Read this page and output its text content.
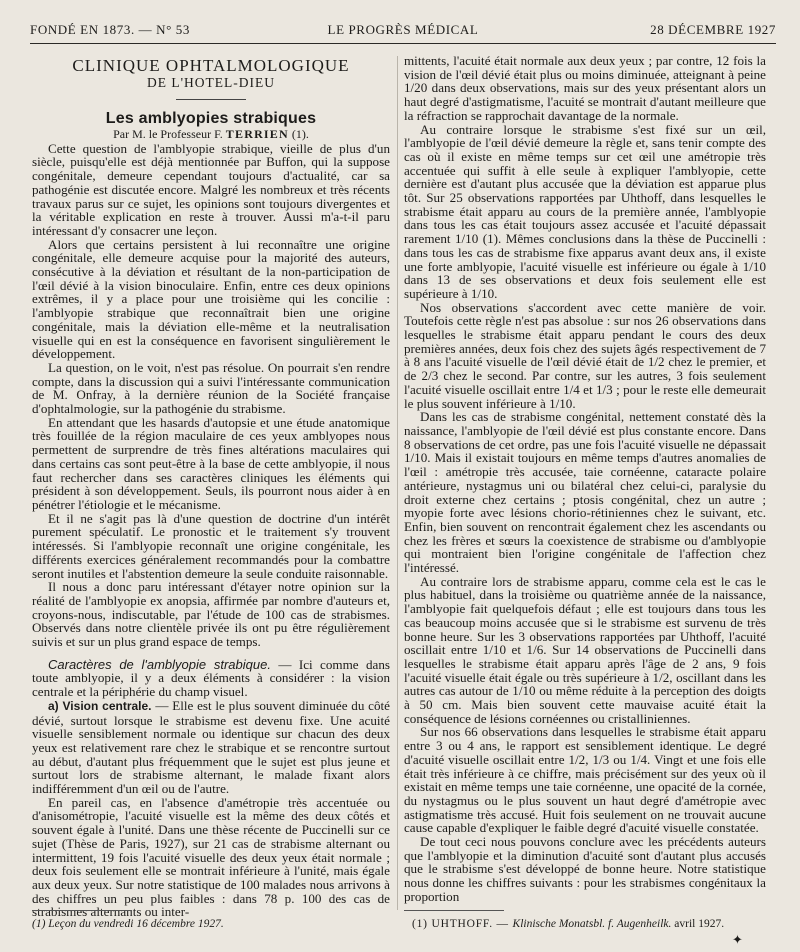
FONDÉ EN 1873. — N° 53	LE PROGRÈS MÉDICAL	28 DÉCEMBRE 1927

CLINIQUE OPHTALMOLOGIQUE

DE L'HOTEL-DIEU

Les amblyopies strabiques

Par M. le Professeur F. TERRIEN (1).

Cette question de l'amblyopie strabique, vieille de plus d'un siècle, puisqu'elle est déjà mentionnée par Buffon, qui la suppose congénitale, demeure cependant toujours d'actualité, car sa pathogénie est discutée encore. Malgré les nombreux et très récents travaux parus sur ce sujet, les opinions sont toujours divergentes et la véritable explication en reste à trouver. Aussi m'a-t-il paru intéressant d'y consacrer une leçon.

Alors que certains persistent à lui reconnaître une origine congénitale, elle demeure acquise pour la majorité des auteurs, consécutive à la déviation et résultant de la non-participation de l'œil dévié à la vision binoculaire. Enfin, entre ces deux opinions extrêmes, il y a place pour une troisième qui les concilie : l'amblyopie strabique que reconnaîtrait bien une origine congénitale, mais la déviation elle-même et la neutralisation visuelle qui en est la conséquence en favorisent singulièrement le développement.

La question, on le voit, n'est pas résolue. On pourrait s'en rendre compte, dans la discussion qui a suivi l'intéressante communication de M. Onfray, à la dernière réunion de la Société française d'ophtalmologie, sur la pathogénie du strabisme.

En attendant que les hasards d'autopsie et une étude anatomique très fouillée de la région maculaire de ces yeux amblyopes nous permettent de surprendre de très fines altérations maculaires qui dans certains cas sont peut-être à la base de cette amblyopie, il nous faut rechercher dans ses caractères cliniques les éléments qui président à son développement. Seuls, ils pourront nous aider à en pénétrer l'étiologie et le mécanisme.

Et il ne s'agit pas là d'une question de doctrine d'un intérêt purement spéculatif. Le pronostic et le traitement s'y trouvent intéressés. Si l'amblyopie reconnaît une origine congénitale, les différents exercices généralement recommandés pour la combattre seront inutiles et l'abstention demeure la seule conduite raisonnable.

Il nous a donc paru intéressant d'étayer notre opinion sur la réalité de l'amblyopie ex anopsia, affirmée par nombre d'auteurs et, croyons-nous, indiscutable, par l'étude de 100 cas de strabismes. Observés dans notre clientèle privée ils ont pu être régulièrement suivis et sur un plus grand espace de temps.

Caractères de l'amblyopie strabique. — Ici comme dans toute amblyopie, il y a deux éléments à considérer : la vision centrale et la périphérie du champ visuel.

a) Vision centrale. — Elle est le plus souvent diminuée du côté dévié, surtout lorsque le strabisme est devenu fixe. Une acuité visuelle sensiblement normale ou identique sur chacun des deux yeux est relativement rare chez le strabique et se rencontre surtout au début, d'autant plus fréquemment que le sujet est plus jeune et surtout lors de strabisme alternant, le malade fixant alors indifféremment d'un œil ou de l'autre.

En pareil cas, en l'absence d'amétropie très accentuée ou d'anisométropie, l'acuité visuelle est la même des deux côtés et souvent égale à l'unité. Dans une thèse récente de Puccinelli sur ce sujet (Thèse de Paris, 1927), sur 21 cas de strabisme alternant ou intermittent, 19 fois l'acuité visuelle des deux yeux était normale ; deux fois seulement elle se montrait inférieure à l'unité, mais égale aux deux yeux. Sur notre statistique de 100 malades nous arrivons à des chiffres un peu plus faibles : dans 78 p. 100 des cas de strabismes alternants ou inter-

mittents, l'acuité était normale aux deux yeux ; par contre, 12 fois la vision de l'œil dévié était plus ou moins diminuée, atteignant à peine 1/20 dans deux observations, mais sur des yeux présentant alors un haut degré d'astigmatisme, l'acuité se montrait d'autant meilleure que la réfraction se rapprochait davantage de la normale.

Au contraire lorsque le strabisme s'est fixé sur un œil, l'amblyopie de l'œil dévié demeure la règle et, sans tenir compte des cas où il existe en même temps sur cet œil une amétropie très accentuée qui suffit à elle seule à expliquer l'amblyopie, cette dernière est d'autant plus accusée que la déviation est apparue plus tôt. Sur 25 observations rapportées par Uhthoff, dans lesquelles le strabisme était apparu au cours de la première année, l'amblyopie dans tous les cas était toujours assez accusée et l'acuité dépassait rarement 1/10 (1). Mêmes conclusions dans la thèse de Puccinelli : dans tous les cas de strabisme fixe apparus avant deux ans, il existe une forte amblyopie, l'acuité visuelle est inférieure ou égale à 1/10 dans 13 de ses observations et deux fois seulement elle est supérieure à 1/10.

Nos observations s'accordent avec cette manière de voir. Toutefois cette règle n'est pas absolue : sur nos 26 observations dans lesquelles le strabisme était apparu pendant le cours des deux premières années, deux fois chez des sujets âgés respectivement de 7 à 8 ans l'acuité visuelle de l'œil dévié était de 1/2 chez le premier, et de 2/3 chez le second. Par contre, sur les autres, 3 fois seulement l'acuité visuelle oscillait entre 1/4 et 1/3 ; pour le reste elle demeurait le plus souvent inférieure à 1/10.

Dans les cas de strabisme congénital, nettement constaté dès la naissance, l'amblyopie de l'œil dévié est plus constante encore. Dans 8 observations de cet ordre, pas une fois l'acuité visuelle ne dépassait 1/10. Mais il existait toujours en même temps d'autres anomalies de l'œil : amétropie très accusée, taie cornéenne, cataracte polaire antérieure, nystagmus uni ou bilatéral chez celui-ci, paralysie du droit externe chez certains ; ptosis congénital, chez un autre ; myopie forte avec lésions chorio-rétiniennes chez le suivant, etc. Enfin, bien souvent on rencontrait également chez les ascendants ou chez les frères et sœurs la coexistence de strabisme ou d'amblyopie qui montraient bien l'origine congénitale de l'affection chez l'intéressé.

Au contraire lors de strabisme apparu, comme cela est le cas le plus habituel, dans la troisième ou quatrième année de la naissance, l'amblyopie fait quelquefois défaut ; elle est toujours dans tous les cas beaucoup moins accusée que si le strabisme est survenu de très bonne heure. Sur les 3 observations rapportées par Uhthoff, l'acuité oscillait entre 1/10 et 1/6. Sur 14 observations de Puccinelli dans lesquelles le strabisme était apparu après l'âge de 2 ans, 9 fois l'acuité visuelle était égale ou très supérieure à 1/2, oscillant dans les autres cas autour de 1/10 ou même réduite à la perception des doigts à 50 cm. Mais bien souvent cette mauvaise acuité était la conséquence de lésions cornéennes ou cristalliniennes.

Sur nos 66 observations dans lesquelles le strabisme était apparu entre 3 ou 4 ans, le rapport est sensiblement identique. Le degré d'acuité visuelle oscillait entre 1/2, 1/3 ou 1/4. Vingt et une fois elle était très inférieure à ce chiffre, mais précisément sur des yeux où il existait en même temps une taie cornéenne, une opacité de la cornée, du nystagmus ou le plus souvent un haut degré d'amétropie avec astigmatisme très accusé. Huit fois seulement on ne trouvait aucune cause capable d'expliquer le faible degré d'acuité visuelle constatée.

De tout ceci nous pouvons conclure avec les précédents auteurs que l'amblyopie et la diminution d'acuité sont d'autant plus accusés que le strabisme s'est développé de bonne heure. Notre statistique nous donne les chiffres suivants : pour les strabismes congénitaux la proportion

(1) Leçon du vendredi 16 décembre 1927.	(1) UHTHOFF. — Klinische Monatsbl. f. Augenheilk. avril 1927.
✦
